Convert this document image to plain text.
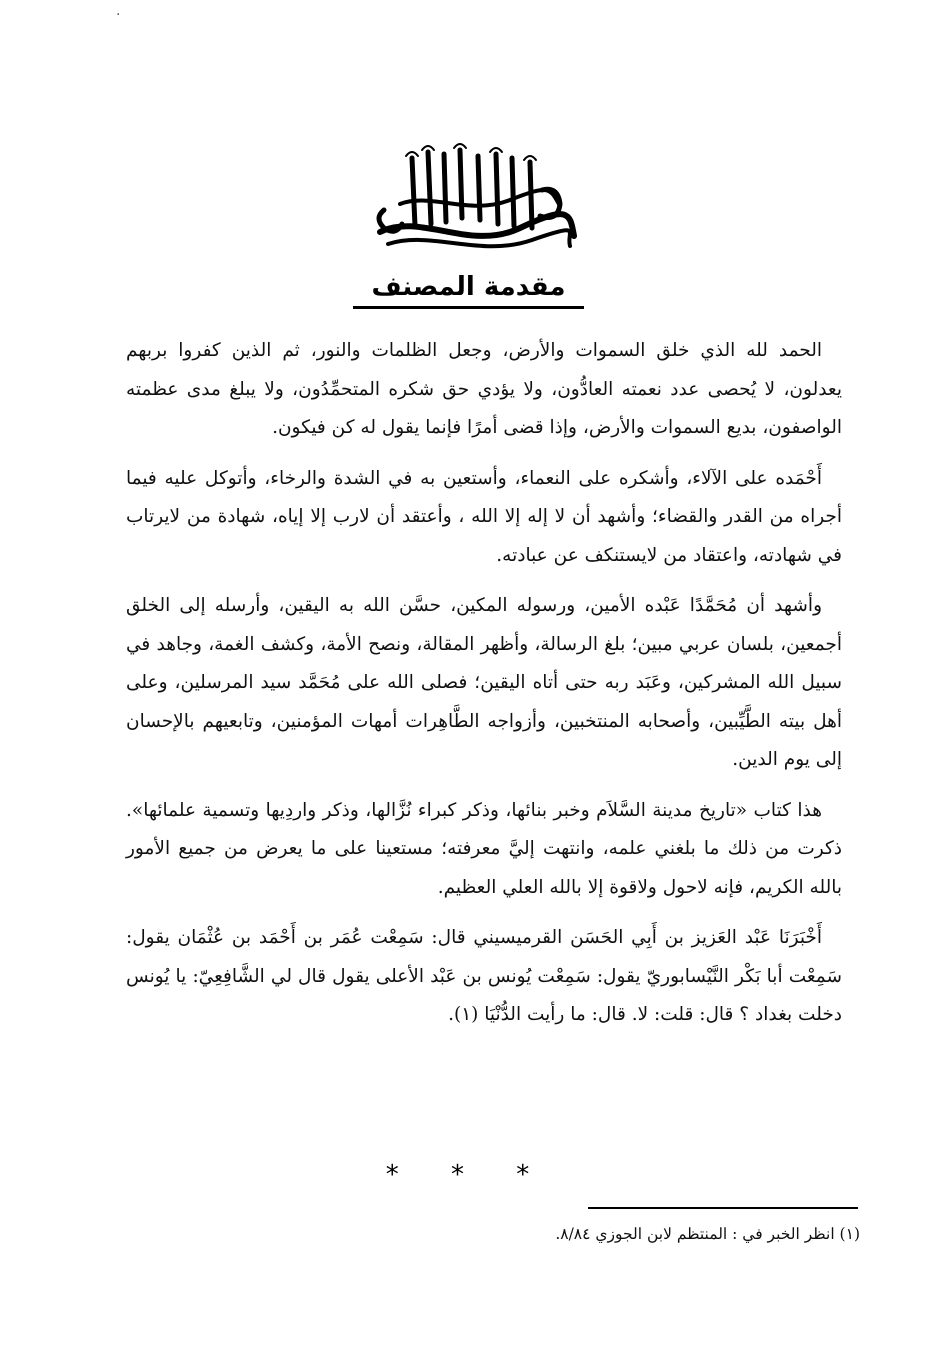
·
مقدمة المصنف

الحمد لله الذي خلق السموات والأرض، وجعل الظلمات والنور، ثم الذين كفروا بربهم يعدلون، لا يُحصى عدد نعمته العادُّون، ولا يؤدي حق شكره المتحمِّدُون، ولا يبلغ مدى عظمته الواصفون، بديع السموات والأرض، وإذا قضى أمرًا فإنما يقول له كن فيكون.

أَحْمَده على الآلاء، وأشكره على النعماء، وأستعين به في الشدة والرخاء، وأتوكل عليه فيما أجراه من القدر والقضاء؛ وأشهد أن لا إله إلا الله ، وأعتقد أن لارب إلا إياه، شهادة من لايرتاب في شهادته، واعتقاد من لايستنكف عن عبادته.

وأشهد أن مُحَمَّدًا عَبْده الأمين، ورسوله المكين، حسَّن الله به اليقين، وأرسله إلى الخلق أجمعين، بلسان عربي مبين؛ بلغ الرسالة، وأظهر المقالة، ونصح الأمة، وكشف الغمة، وجاهد في سبيل الله المشركين، وعَبَد ربه حتى أتاه اليقين؛ فصلى الله على مُحَمَّد سيد المرسلين، وعلى أهل بيته الطَّيِّبين، وأصحابه المنتخبين، وأزواجه الطَّاهِرات أمهات المؤمنين، وتابعيهم بالإحسان إلى يوم الدين.

هذا كتاب «تاريخ مدينة السَّلاَم وخبر بنائها، وذكر كبراء نُزَّالها، وذكر واردِيها وتسمية علمائها». ذكرت من ذلك ما بلغني علمه، وانتهت إليَّ معرفته؛ مستعينا على ما يعرض من جميع الأمور بالله الكريم، فإنه لاحول ولاقوة إلا بالله العلي العظيم.

أَخْبَرَنَا عَبْد العَزيز بن أَبِي الحَسَن القرميسيني قال: سَمِعْت عُمَر بن أَحْمَد بن عُثْمَان يقول: سَمِعْت أبا بَكْر النَّيْسابوريّ يقول: سَمِعْت يُونس بن عَبْد الأعلى يقول قال لي الشَّافِعِيّ: يا يُونس دخلت بغداد ؟ قال: قلت: لا. قال: ما رأيت الدُّنْيَا (١).

* * *
(١) انظر الخبر في : المنتظم لابن الجوزي ٨/٨٤.
